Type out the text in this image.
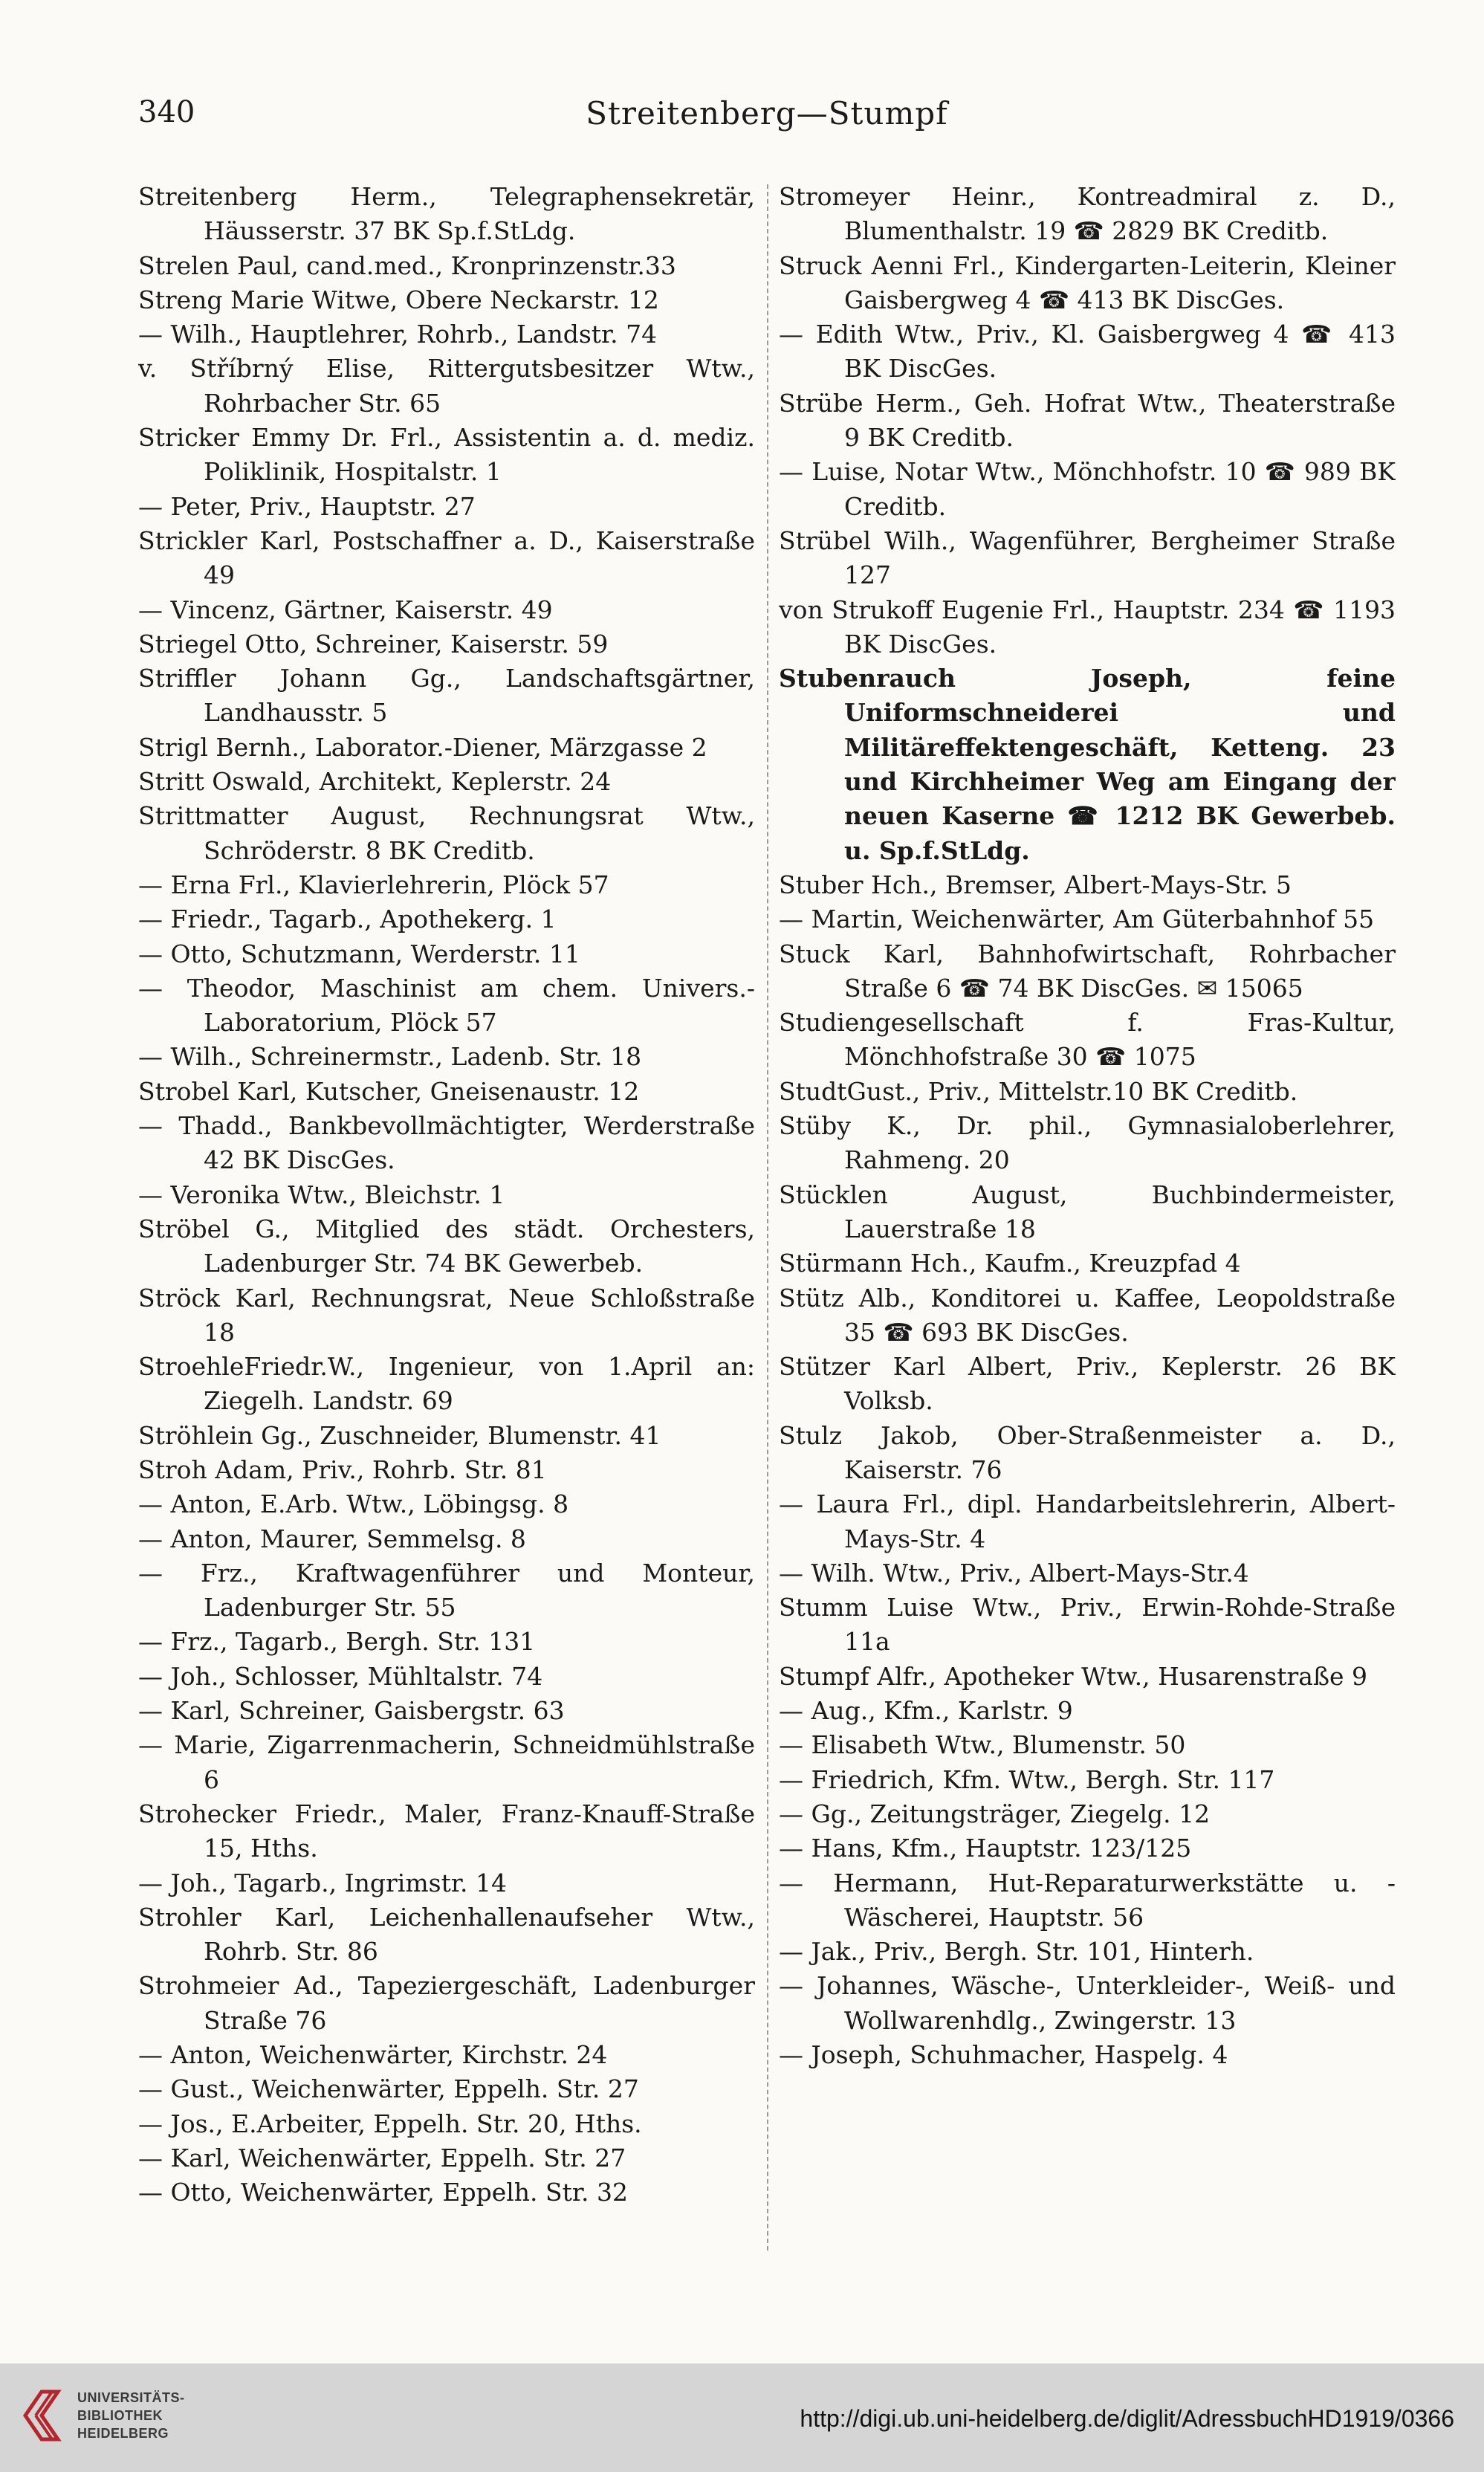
340	Streitenberg—Stumpf
Streitenberg Herm., Telegraphensekretär, Häusserstr. 37 BK Sp.f.StLdg.
Strelen Paul, cand.med., Kronprinzenstr.33
Streng Marie Witwe, Obere Neckarstr. 12
— Wilh., Hauptlehrer, Rohrb., Landstr. 74
v. Stříbrný Elise, Rittergutsbesitzer Wtw., Rohrbacher Str. 65
Stricker Emmy Dr. Frl., Assistentin a. d. mediz. Poliklinik, Hospitalstr. 1
— Peter, Priv., Hauptstr. 27
Strickler Karl, Postschaffner a. D., Kaiserstraße 49
— Vincenz, Gärtner, Kaiserstr. 49
Striegel Otto, Schreiner, Kaiserstr. 59
Striffler Johann Gg., Landschaftsgärtner, Landhausstr. 5
Strigl Bernh., Laborator.-Diener, Märzgasse 2
Stritt Oswald, Architekt, Keplerstr. 24
Strittmatter August, Rechnungsrat Wtw., Schröderstr. 8 BK Creditb.
— Erna Frl., Klavierlehrerin, Plöck 57
— Friedr., Tagarb., Apothekerg. 1
— Otto, Schutzmann, Werderstr. 11
— Theodor, Maschinist am chem. Univers.-Laboratorium, Plöck 57
— Wilh., Schreinermstr., Ladenb. Str. 18
Strobel Karl, Kutscher, Gneisenaustr. 12
— Thadd., Bankbevollmächtigter, Werderstraße 42 BK DiscGes.
— Veronika Wtw., Bleichstr. 1
Ströbel G., Mitglied des städt. Orchesters, Ladenburger Str. 74 BK Gewerbeb.
Ströck Karl, Rechnungsrat, Neue Schloßstraße 18
StroehleFriedr.W., Ingenieur, von 1.April an: Ziegelh. Landstr. 69
Ströhlein Gg., Zuschneider, Blumenstr. 41
Stroh Adam, Priv., Rohrb. Str. 81
— Anton, E.Arb. Wtw., Löbingsg. 8
— Anton, Maurer, Semmelsg. 8
— Frz., Kraftwagenführer und Monteur, Ladenburger Str. 55
— Frz., Tagarb., Bergh. Str. 131
— Joh., Schlosser, Mühltalstr. 74
— Karl, Schreiner, Gaisbergstr. 63
— Marie, Zigarrenmacherin, Schneidmühlstraße 6
Strohecker Friedr., Maler, Franz-Knauff-Straße 15, Hths.
— Joh., Tagarb., Ingrimstr. 14
Strohler Karl, Leichenhallenaufseher Wtw., Rohrb. Str. 86
Strohmeier Ad., Tapeziergeschäft, Ladenburger Straße 76
— Anton, Weichenwärter, Kirchstr. 24
— Gust., Weichenwärter, Eppelh. Str. 27
— Jos., E.Arbeiter, Eppelh. Str. 20, Hths.
— Karl, Weichenwärter, Eppelh. Str. 27
— Otto, Weichenwärter, Eppelh. Str. 32
Stromeyer Heinr., Kontreadmiral z. D., Blumenthalstr. 19 ☎ 2829 BK Creditb.
Struck Aenni Frl., Kindergarten-Leiterin, Kleiner Gaisbergweg 4 ☎ 413 BK DiscGes.
— Edith Wtw., Priv., Kl. Gaisbergweg 4 ☎ 413 BK DiscGes.
Strübe Herm., Geh. Hofrat Wtw., Theaterstraße 9 BK Creditb.
— Luise, Notar Wtw., Mönchhofstr. 10 ☎ 989 BK Creditb.
Strübel Wilh., Wagenführer, Bergheimer Straße 127
von Strukoff Eugenie Frl., Hauptstr. 234 ☎ 1193 BK DiscGes.
Stubenrauch Joseph, feine Uniformschneiderei und Militäreffektengeschäft, Ketteng. 23 und Kirchheimer Weg am Eingang der neuen Kaserne ☎ 1212 BK Gewerbeb. u. Sp.f.StLdg.
Stuber Hch., Bremser, Albert-Mays-Str. 5
— Martin, Weichenwärter, Am Güterbahnhof 55
Stuck Karl, Bahnhofwirtschaft, Rohrbacher Straße 6 ☎ 74 BK DiscGes. ✉ 15065
Studiengesellschaft f. Fras-Kultur, Mönchhofstraße 30 ☎ 1075
StudtGust., Priv., Mittelstr.10 BK Creditb.
Stüby K., Dr. phil., Gymnasialoberlehrer, Rahmeng. 20
Stücklen August, Buchbindermeister, Lauerstraße 18
Stürmann Hch., Kaufm., Kreuzpfad 4
Stütz Alb., Konditorei u. Kaffee, Leopoldstraße 35 ☎ 693 BK DiscGes.
Stützer Karl Albert, Priv., Keplerstr. 26 BK Volksb.
Stulz Jakob, Ober-Straßenmeister a. D., Kaiserstr. 76
— Laura Frl., dipl. Handarbeitslehrerin, Albert-Mays-Str. 4
— Wilh. Wtw., Priv., Albert-Mays-Str.4
Stumm Luise Wtw., Priv., Erwin-Rohde-Straße 11a
Stumpf Alfr., Apotheker Wtw., Husarenstraße 9
— Aug., Kfm., Karlstr. 9
— Elisabeth Wtw., Blumenstr. 50
— Friedrich, Kfm. Wtw., Bergh. Str. 117
— Gg., Zeitungsträger, Ziegelg. 12
— Hans, Kfm., Hauptstr. 123/125
— Hermann, Hut-Reparaturwerkstätte u. -Wäscherei, Hauptstr. 56
— Jak., Priv., Bergh. Str. 101, Hinterh.
— Johannes, Wäsche-, Unterkleider-, Weiß- und Wollwarenhdlg., Zwingerstr. 13
— Joseph, Schuhmacher, Haspelg. 4
UNIVERSITÄTS-
BIBLIOTHEK
HEIDELBERG
http://digi.ub.uni-heidelberg.de/diglit/AdressbuchHD1919/0366
